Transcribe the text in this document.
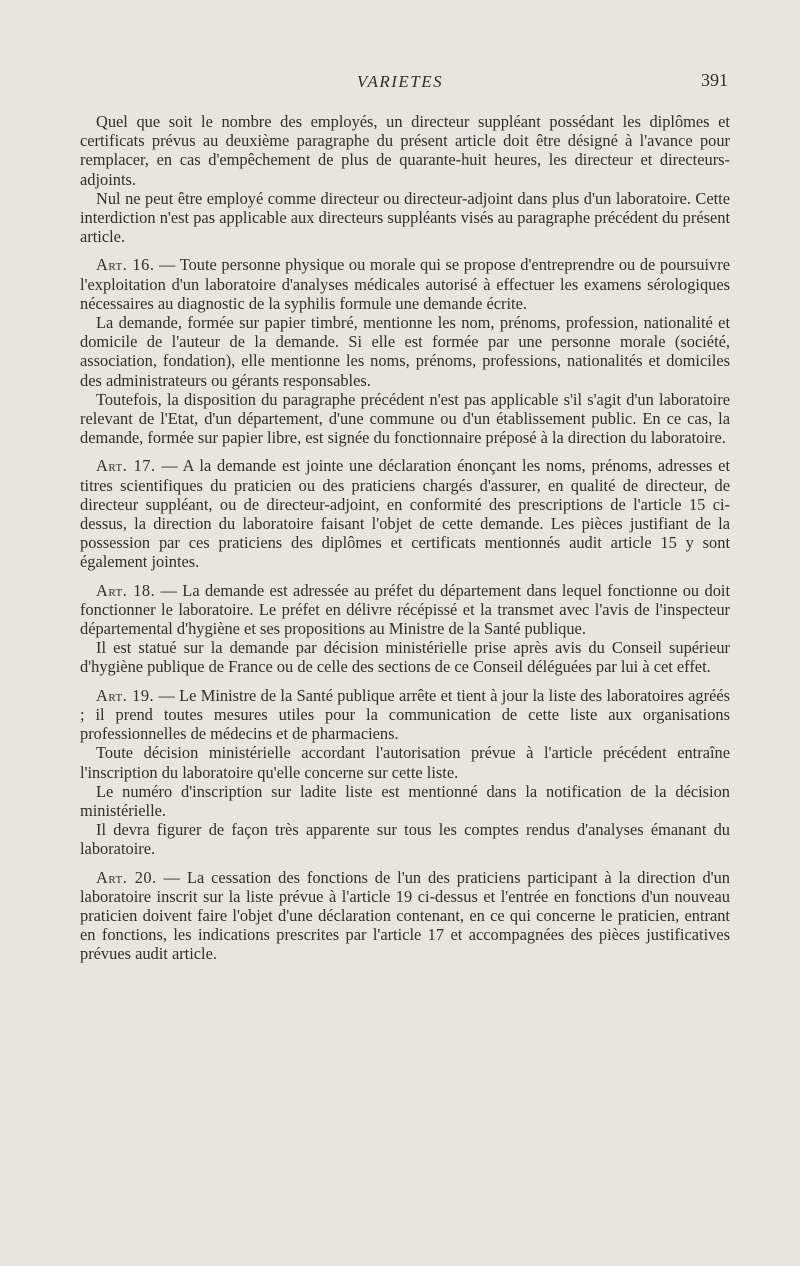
VARIETES	391

Quel que soit le nombre des employés, un directeur suppléant possédant les diplômes et certificats prévus au deuxième paragraphe du présent article doit être désigné à l'avance pour remplacer, en cas d'empêchement de plus de quarante-huit heures, les directeur et directeurs-adjoints.

Nul ne peut être employé comme directeur ou directeur-adjoint dans plus d'un laboratoire. Cette interdiction n'est pas applicable aux directeurs suppléants visés au paragraphe précédent du présent article.

Art. 16. — Toute personne physique ou morale qui se propose d'entreprendre ou de poursuivre l'exploitation d'un laboratoire d'analyses médicales autorisé à effectuer les examens sérologiques nécessaires au diagnostic de la syphilis formule une demande écrite.

La demande, formée sur papier timbré, mentionne les nom, prénoms, profession, nationalité et domicile de l'auteur de la demande. Si elle est formée par une personne morale (société, association, fondation), elle mentionne les noms, prénoms, professions, nationalités et domiciles des administrateurs ou gérants responsables.

Toutefois, la disposition du paragraphe précédent n'est pas applicable s'il s'agit d'un laboratoire relevant de l'Etat, d'un département, d'une commune ou d'un établissement public. En ce cas, la demande, formée sur papier libre, est signée du fonctionnaire préposé à la direction du laboratoire.

Art. 17. — A la demande est jointe une déclaration énonçant les noms, prénoms, adresses et titres scientifiques du praticien ou des praticiens chargés d'assurer, en qualité de directeur, de directeur suppléant, ou de directeur-adjoint, en conformité des prescriptions de l'article 15 ci-dessus, la direction du laboratoire faisant l'objet de cette demande. Les pièces justifiant de la possession par ces praticiens des diplômes et certificats mentionnés audit article 15 y sont également jointes.

Art. 18. — La demande est adressée au préfet du département dans lequel fonctionne ou doit fonctionner le laboratoire. Le préfet en délivre récépissé et la transmet avec l'avis de l'inspecteur départemental d'hygiène et ses propositions au Ministre de la Santé publique.

Il est statué sur la demande par décision ministérielle prise après avis du Conseil supérieur d'hygiène publique de France ou de celle des sections de ce Conseil déléguées par lui à cet effet.

Art. 19. — Le Ministre de la Santé publique arrête et tient à jour la liste des laboratoires agréés ; il prend toutes mesures utiles pour la communication de cette liste aux organisations professionnelles de médecins et de pharmaciens.

Toute décision ministérielle accordant l'autorisation prévue à l'article précédent entraîne l'inscription du laboratoire qu'elle concerne sur cette liste.

Le numéro d'inscription sur ladite liste est mentionné dans la notification de la décision ministérielle.

Il devra figurer de façon très apparente sur tous les comptes rendus d'analyses émanant du laboratoire.

Art. 20. — La cessation des fonctions de l'un des praticiens participant à la direction d'un laboratoire inscrit sur la liste prévue à l'article 19 ci-dessus et l'entrée en fonctions d'un nouveau praticien doivent faire l'objet d'une déclaration contenant, en ce qui concerne le praticien, entrant en fonctions, les indications prescrites par l'article 17 et accompagnées des pièces justificatives prévues audit article.
